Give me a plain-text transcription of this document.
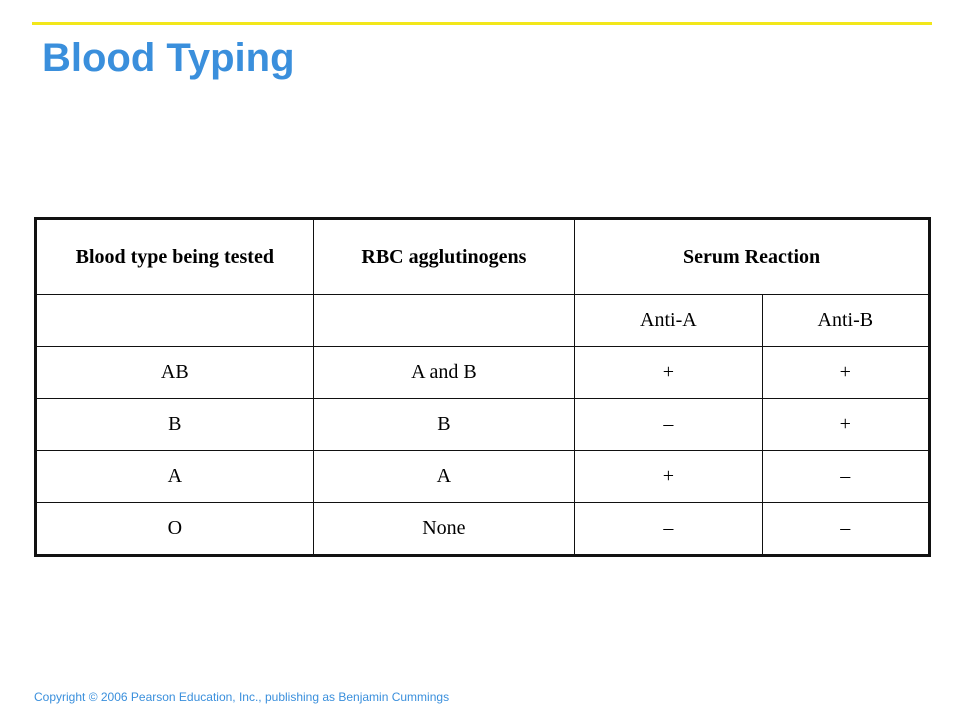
Blood Typing
Blood type being tested	RBC agglutinogens	Serum Reaction	
		Anti-A	Anti-B
AB	A and B	+	+
B	B	–	+
A	A	+	–
O	None	–	–

Copyright © 2006 Pearson Education, Inc., publishing as Benjamin Cummings
